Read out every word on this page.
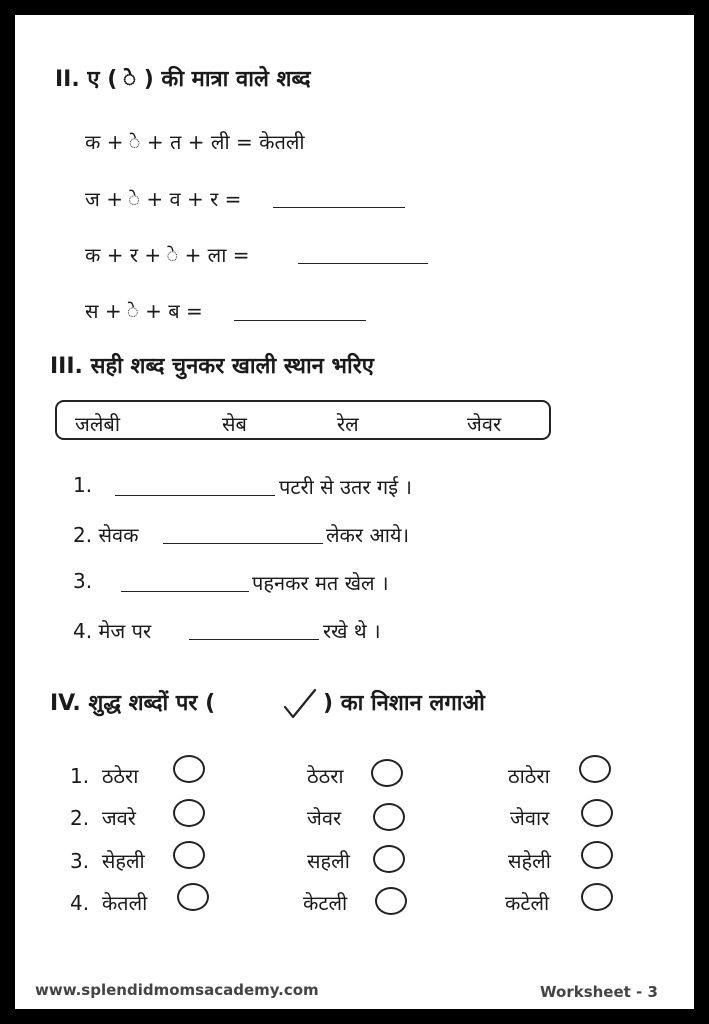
II. ए ( े ) की मात्रा वाले शब्द
क + े + त + ली = केतली
ज + े + व + र =
क + र + े + ला =
स + े + ब =
III. सही शब्द चुनकर खाली स्थान भरिए
जलेबी	सेब	रेल	जेवर
1.	पटरी से उतर गई ।
2. सेवक	लेकर आये।
3.	पहनकर मत खेल ।
4. मेज पर	रखे थे ।
IV. शुद्ध शब्दों पर (	) का निशान लगाओ
1. ठठेरा	ठेठरा	ठाठेरा
2. जवरे	जेवर	जेवार
3. सेहली	सहली	सहेली
4. केतली	केटली	कटेली
www.splendidmomsacademy.com	Worksheet - 3
